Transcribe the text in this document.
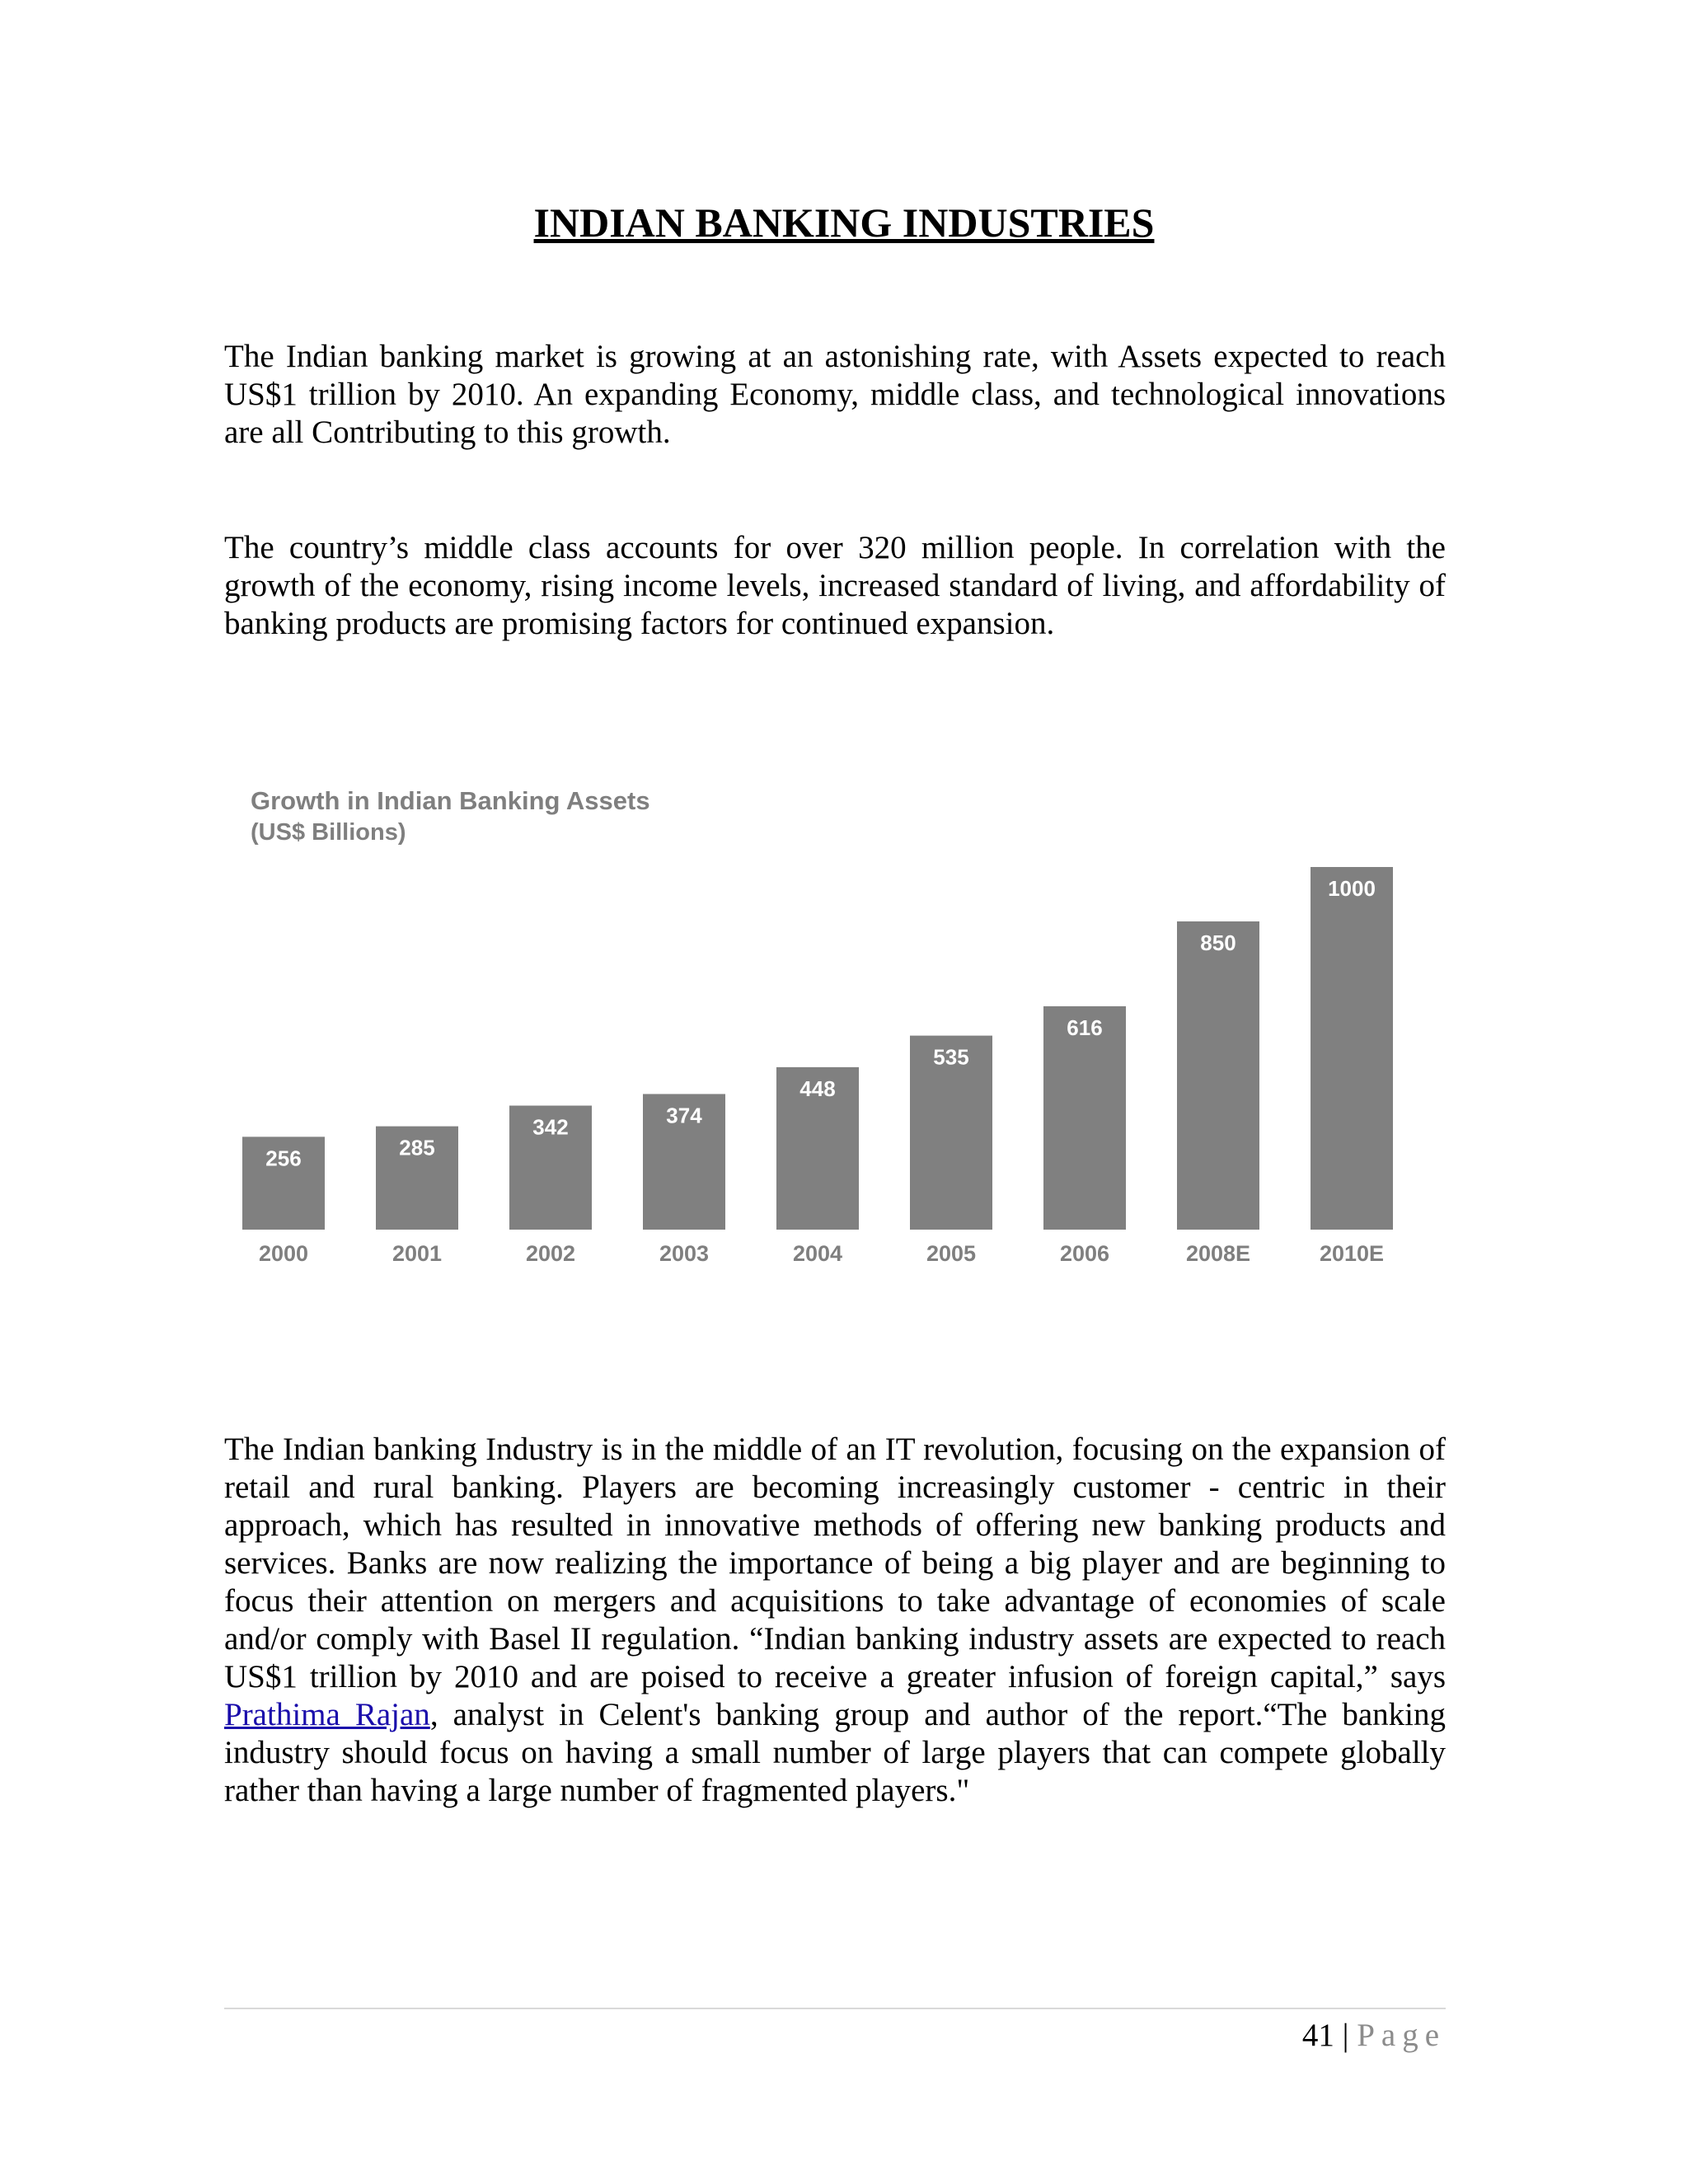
INDIAN BANKING INDUSTRIES

The Indian banking market is growing at an astonishing rate, with Assets expected to reach US$1 trillion by 2010. An expanding Economy, middle class, and technological innovations are all Contributing to this growth.

The country’s middle class accounts for over 320 million people. In correlation with the growth of the economy, rising income levels, increased standard of living, and affordability of banking products are promising factors for continued expansion.

Growth in Indian Banking Assets
(US$ Billions)
256
2000
285
2001
342
2002
374
2003
448
2004
535
2005
616
2006
850
2008E
1000
2010E

The Indian banking Industry is in the middle of an IT revolution, focusing on the expansion of retail and rural banking. Players are becoming increasingly customer - centric in their approach, which has resulted in innovative methods of offering new banking products and services. Banks are now realizing the importance of being a big player and are beginning to focus their attention on mergers and acquisitions to take advantage of economies of scale and/or comply with Basel II regulation. “Indian banking industry assets are expected to reach US$1 trillion by 2010 and are poised to receive a greater infusion of foreign capital,” says Prathima Rajan, analyst in Celent's banking group and author of the report.“The banking industry should focus on having a small number of large players that can compete globally rather than having a large number of fragmented players."

41 | Page
